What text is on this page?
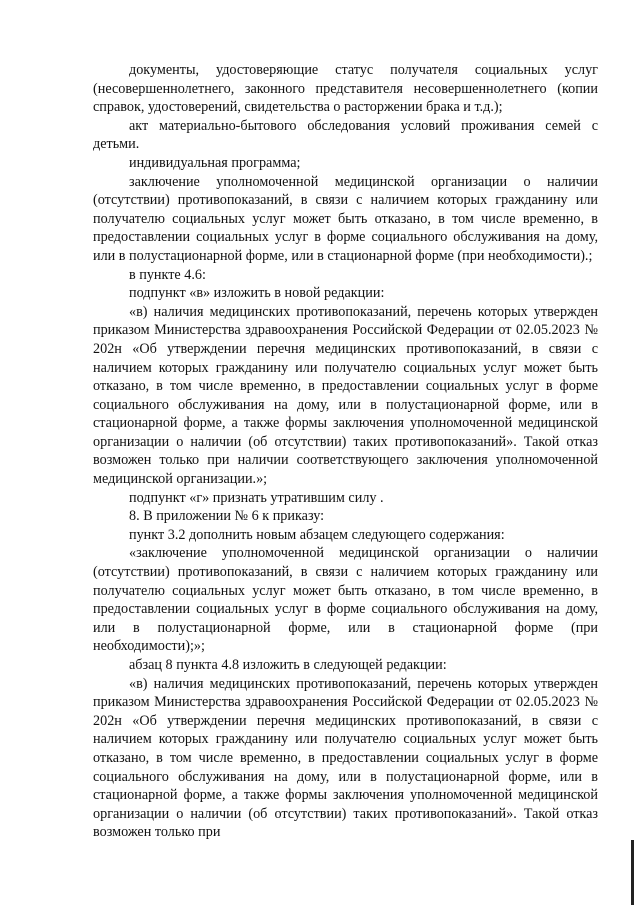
документы, удостоверяющие статус получателя социальных услуг (несовершеннолетнего, законного представителя несовершеннолетнего (копии справок, удостоверений, свидетельства о расторжении брака и т.д.);

акт материально-бытового обследования условий проживания семей с детьми.

индивидуальная программа;

заключение уполномоченной медицинской организации о наличии (отсутствии) противопоказаний, в связи с наличием которых гражданину или получателю социальных услуг может быть отказано, в том числе временно, в предоставлении социальных услуг в форме социального обслуживания на дому, или в полустационарной форме, или в стационарной форме (при необходимости).;

в пункте 4.6:

подпункт «в» изложить в новой редакции:

«в) наличия медицинских противопоказаний, перечень которых утвержден приказом Министерства здравоохранения Российской Федерации от 02.05.2023 № 202н «Об утверждении перечня медицинских противопоказаний, в связи с наличием которых гражданину или получателю социальных услуг может быть отказано, в том числе временно, в предоставлении социальных услуг в форме социального обслуживания на дому, или в полустационарной форме, или в стационарной форме, а также формы заключения уполномоченной медицинской организации о наличии (об отсутствии) таких противопоказаний». Такой отказ возможен только при наличии соответствующего заключения уполномоченной медицинской организации.»;

подпункт «г» признать утратившим силу .

8. В приложении № 6 к приказу:

пункт 3.2 дополнить новым абзацем следующего содержания:

«заключение уполномоченной медицинской организации о наличии (отсутствии) противопоказаний, в связи с наличием которых гражданину или получателю социальных услуг может быть отказано, в том числе временно, в предоставлении социальных услуг в форме социального обслуживания на дому, или в полустационарной форме, или в стационарной форме (при необходимости);»;

абзац 8 пункта 4.8 изложить в следующей редакции:

«в) наличия медицинских противопоказаний, перечень которых утвержден приказом Министерства здравоохранения Российской Федерации от 02.05.2023 № 202н «Об утверждении перечня медицинских противопоказаний, в связи с наличием которых гражданину или получателю социальных услуг может быть отказано, в том числе временно, в предоставлении социальных услуг в форме социального обслуживания на дому, или в полустационарной форме, или в стационарной форме, а также формы заключения уполномоченной медицинской организации о наличии (об отсутствии) таких противопоказаний». Такой отказ возможен только при
